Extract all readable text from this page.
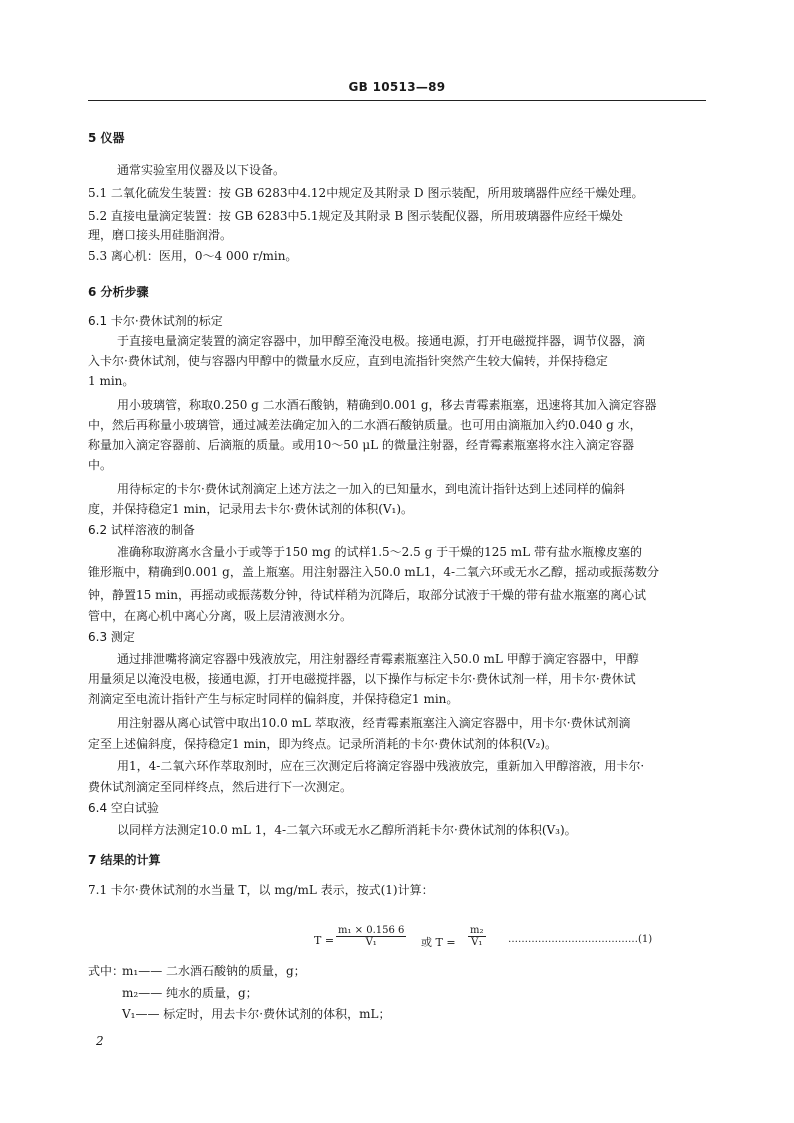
GB 10513—89
5 仪器
通常实验室用仪器及以下设备。
5.1 二氧化硫发生装置：按 GB 6283中4.12中规定及其附录 D 图示装配，所用玻璃器件应经干燥处理。
5.2 直接电量滴定装置：按 GB 6283中5.1规定及其附录 B 图示装配仪器，所用玻璃器件应经干燥处
理，磨口接头用硅脂润滑。
5.3 离心机：医用，0～4 000 r/min。
6 分析步骤
6.1 卡尔·费休试剂的标定
于直接电量滴定装置的滴定容器中，加甲醇至淹没电极。接通电源，打开电磁搅拌器，调节仪器，滴
入卡尔·费休试剂，使与容器内甲醇中的微量水反应，直到电流指针突然产生较大偏转，并保持稳定
1 min。
用小玻璃管，称取0.250 g 二水酒石酸钠，精确到0.001 g，移去青霉素瓶塞，迅速将其加入滴定容器
中，然后再称量小玻璃管，通过减差法确定加入的二水酒石酸钠质量。也可用由滴瓶加入约0.040 g 水，
称量加入滴定容器前、后滴瓶的质量。或用10～50 μL 的微量注射器，经青霉素瓶塞将水注入滴定容器
中。
用待标定的卡尔·费休试剂滴定上述方法之一加入的已知量水，到电流计指针达到上述同样的偏斜
度，并保持稳定1 min，记录用去卡尔·费休试剂的体积(V₁)。
6.2 试样溶液的制备
准确称取游离水含量小于或等于150 mg 的试样1.5～2.5 g 于干燥的125 mL 带有盐水瓶橡皮塞的
锥形瓶中，精确到0.001 g，盖上瓶塞。用注射器注入50.0 mL1，4-二氧六环或无水乙醇，摇动或振荡数分
钟，静置15 min，再摇动或振荡数分钟，待试样稍为沉降后，取部分试液于干燥的带有盐水瓶塞的离心试
管中，在离心机中离心分离，吸上层清液测水分。
6.3 测定
通过排泄嘴将滴定容器中残液放完，用注射器经青霉素瓶塞注入50.0 mL 甲醇于滴定容器中，甲醇
用量须足以淹没电极，接通电源，打开电磁搅拌器，以下操作与标定卡尔·费休试剂一样，用卡尔·费休试
剂滴定至电流计指针产生与标定时同样的偏斜度，并保持稳定1 min。
用注射器从离心试管中取出10.0 mL 萃取液，经青霉素瓶塞注入滴定容器中，用卡尔·费休试剂滴
定至上述偏斜度，保持稳定1 min，即为终点。记录所消耗的卡尔·费休试剂的体积(V₂)。
用1，4-二氧六环作萃取剂时，应在三次测定后将滴定容器中残液放完，重新加入甲醇溶液，用卡尔·
费休试剂滴定至同样终点，然后进行下一次测定。
6.4 空白试验
以同样方法测定10.0 mL 1，4-二氧六环或无水乙醇所消耗卡尔·费休试剂的体积(V₃)。
7 结果的计算
7.1 卡尔·费休试剂的水当量 T，以 mg/mL 表示，按式(1)计算：
$T = \frac{\text{m₁ × 0.156 6}}{\text{V₁}}$ 或 $T = \frac{\text{m₂}}{\text{V₁}}$ …………………………………(1)
式中：
m₁—— 二水酒石酸钠的质量，g；
m₂—— 纯水的质量，g；
V₁—— 标定时，用去卡尔·费休试剂的体积，mL；
2
